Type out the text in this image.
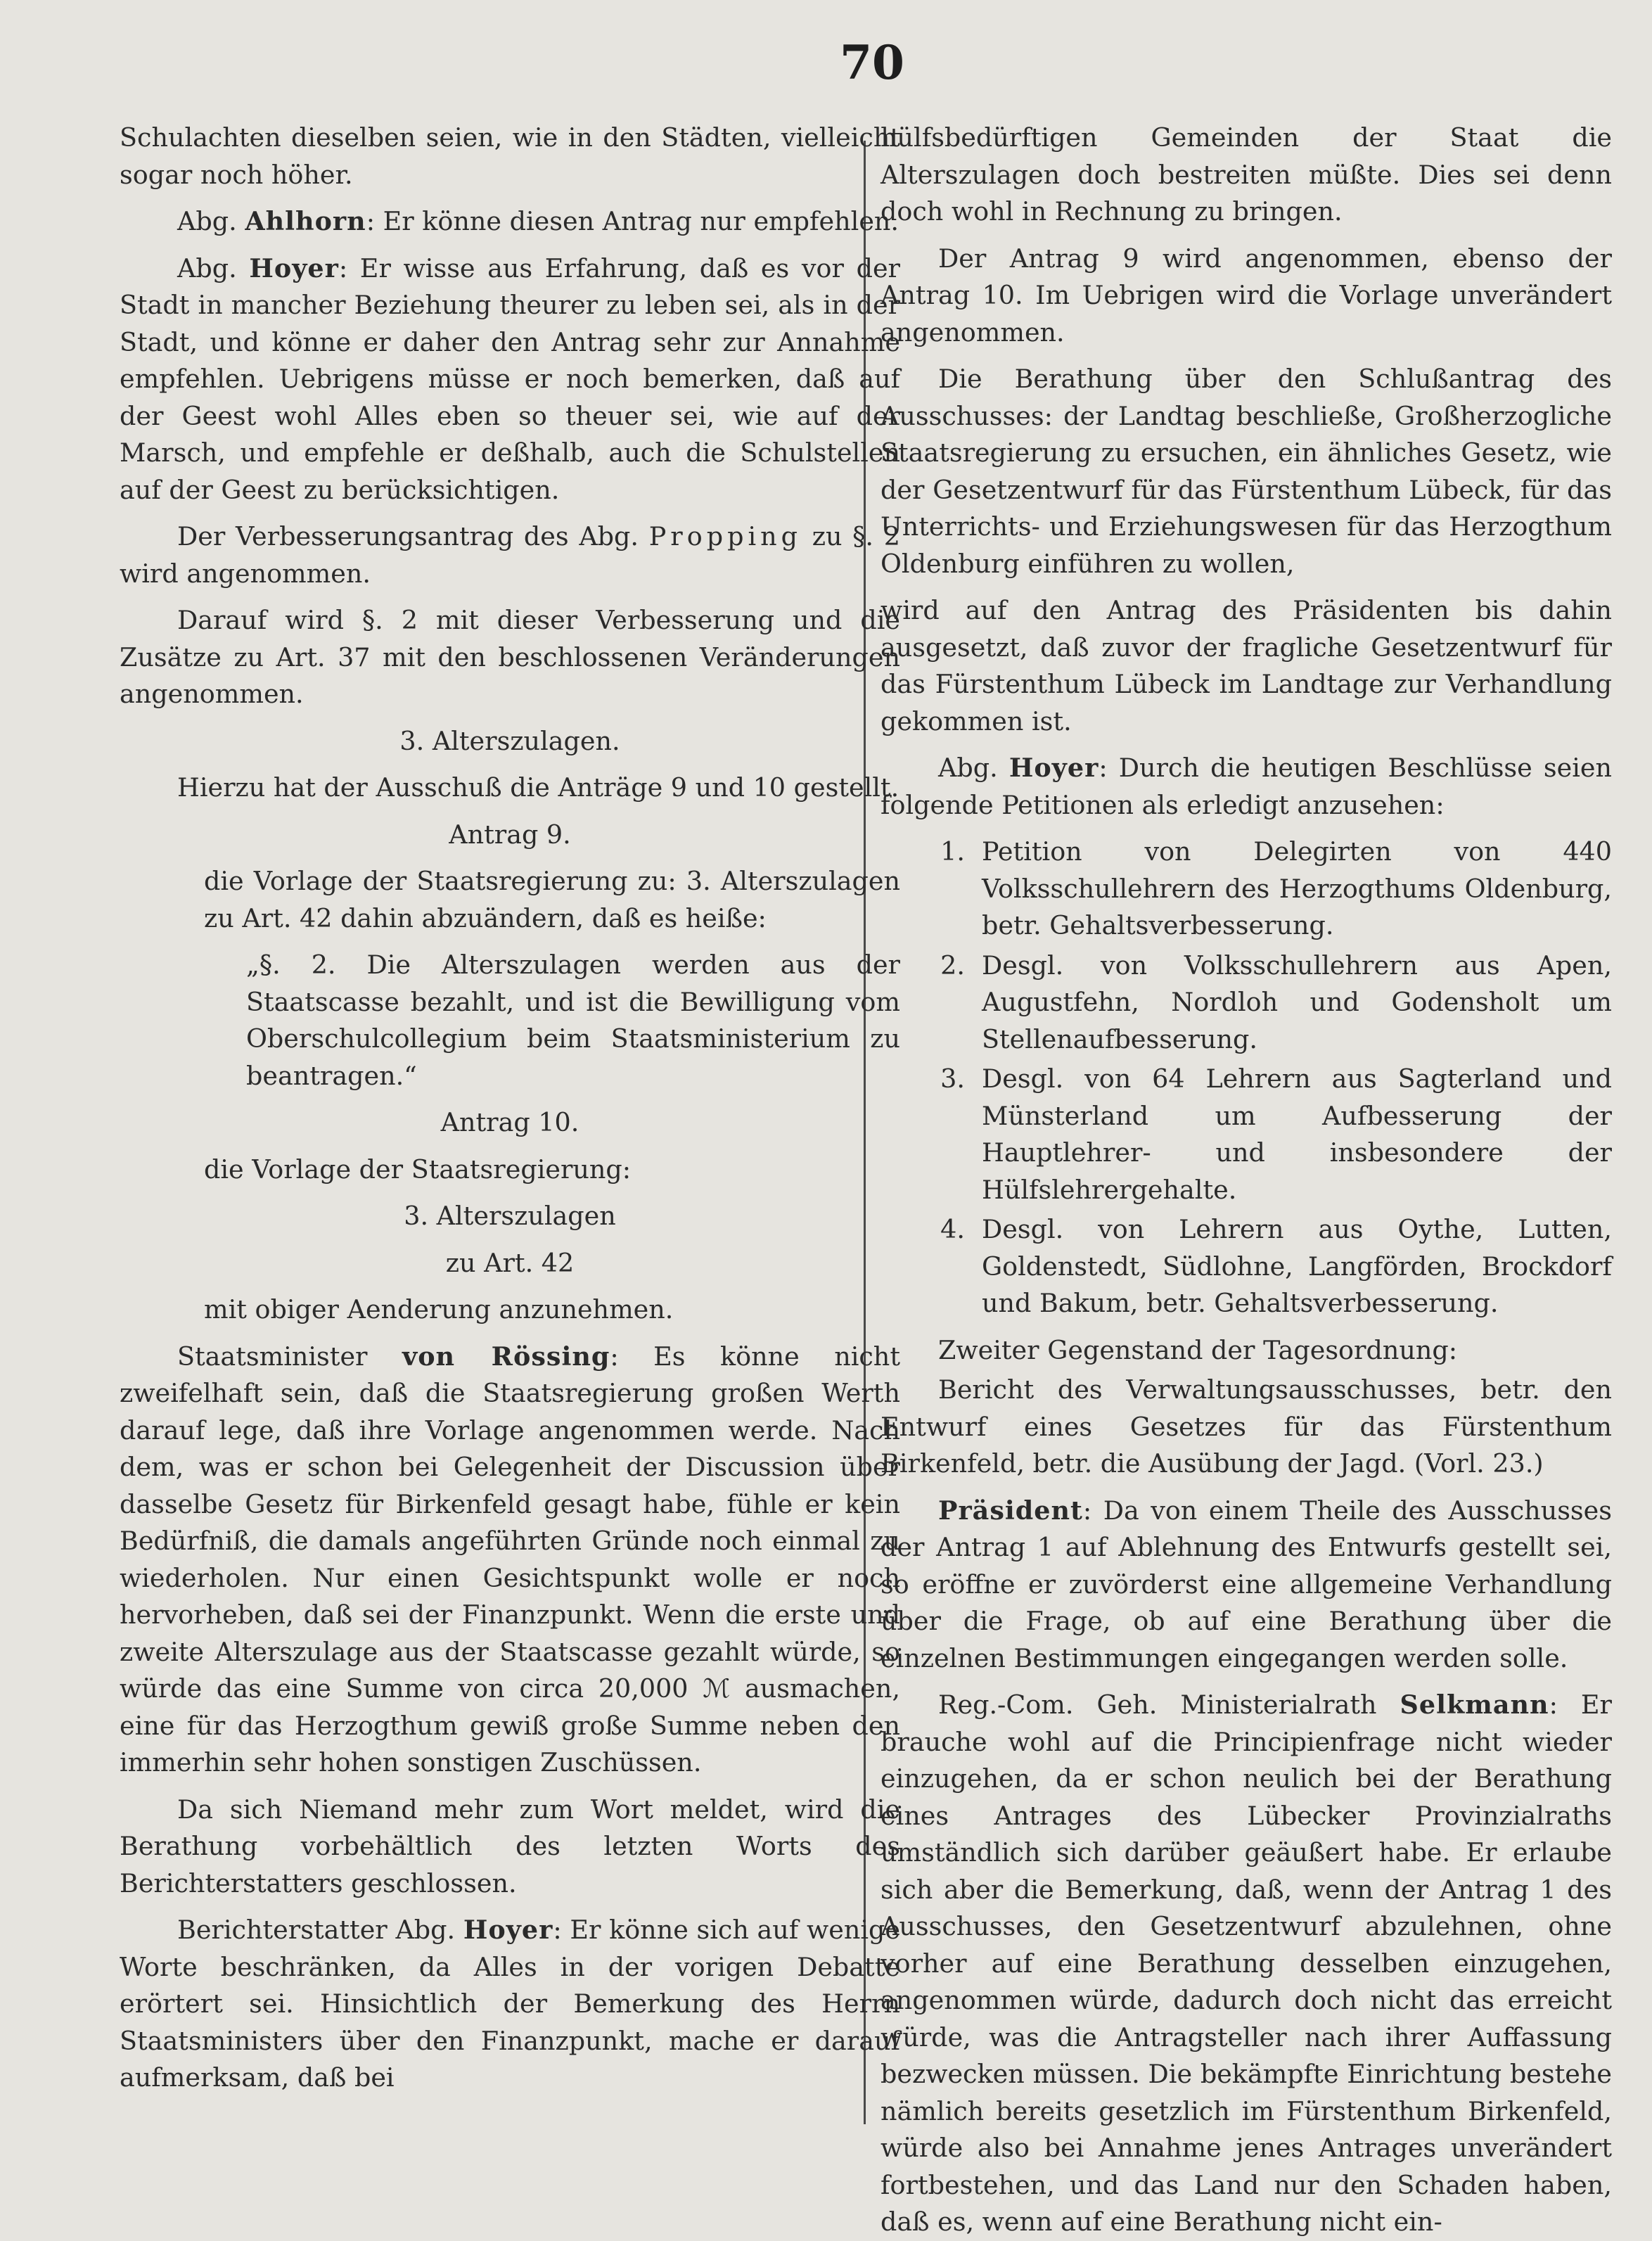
70

Schulachten dieselben seien, wie in den Städten, vielleicht sogar noch höher.

Abg. Ahlhorn: Er könne diesen Antrag nur empfehlen.

Abg. Hoyer: Er wisse aus Erfahrung, daß es vor der Stadt in mancher Beziehung theurer zu leben sei, als in der Stadt, und könne er daher den Antrag sehr zur Annahme empfehlen. Uebrigens müsse er noch bemerken, daß auf der Geest wohl Alles eben so theuer sei, wie auf der Marsch, und empfehle er deßhalb, auch die Schulstellen auf der Geest zu berücksichtigen.

Der Verbesserungsantrag des Abg. Propping zu §. 2 wird angenommen.

Darauf wird §. 2 mit dieser Verbesserung und die Zusätze zu Art. 37 mit den beschlossenen Veränderungen angenommen.

3. Alterszulagen.

Hierzu hat der Ausschuß die Anträge 9 und 10 gestellt.

Antrag 9.

die Vorlage der Staatsregierung zu: 3. Alterszulagen zu Art. 42 dahin abzuändern, daß es heiße:

„§. 2. Die Alterszulagen werden aus der Staatscasse bezahlt, und ist die Bewilligung vom Oberschulcollegium beim Staatsministerium zu beantragen.“

Antrag 10.

die Vorlage der Staatsregierung:

3. Alterszulagen

zu Art. 42

mit obiger Aenderung anzunehmen.

Staatsminister von Rössing: Es könne nicht zweifelhaft sein, daß die Staatsregierung großen Werth darauf lege, daß ihre Vorlage angenommen werde. Nach dem, was er schon bei Gelegenheit der Discussion über dasselbe Gesetz für Birkenfeld gesagt habe, fühle er kein Bedürfniß, die damals angeführten Gründe noch einmal zu wiederholen. Nur einen Gesichtspunkt wolle er noch hervorheben, daß sei der Finanzpunkt. Wenn die erste und zweite Alterszulage aus der Staatscasse gezahlt würde, so würde das eine Summe von circa 20,000 ℳ ausmachen, eine für das Herzogthum gewiß große Summe neben den immerhin sehr hohen sonstigen Zuschüssen.

Da sich Niemand mehr zum Wort meldet, wird die Berathung vorbehältlich des letzten Worts des Berichterstatters geschlossen.

Berichterstatter Abg. Hoyer: Er könne sich auf wenige Worte beschränken, da Alles in der vorigen Debatte erörtert sei. Hinsichtlich der Bemerkung des Herrn Staatsministers über den Finanzpunkt, mache er darauf aufmerksam, daß bei

hülfsbedürftigen Gemeinden der Staat die Alterszulagen doch bestreiten müßte. Dies sei denn doch wohl in Rechnung zu bringen.

Der Antrag 9 wird angenommen, ebenso der Antrag 10. Im Uebrigen wird die Vorlage unverändert angenommen.

Die Berathung über den Schlußantrag des Ausschusses: der Landtag beschließe, Großherzogliche Staatsregierung zu ersuchen, ein ähnliches Gesetz, wie der Gesetzentwurf für das Fürstenthum Lübeck, für das Unterrichts- und Erziehungswesen für das Herzogthum Oldenburg einführen zu wollen,

wird auf den Antrag des Präsidenten bis dahin ausgesetzt, daß zuvor der fragliche Gesetzentwurf für das Fürstenthum Lübeck im Landtage zur Verhandlung gekommen ist.

Abg. Hoyer: Durch die heutigen Beschlüsse seien folgende Petitionen als erledigt anzusehen:

1. Petition von Delegirten von 440 Volksschullehrern des Herzogthums Oldenburg, betr. Gehaltsverbesserung.
2. Desgl. von Volksschullehrern aus Apen, Augustfehn, Nordloh und Godensholt um Stellenaufbesserung.
3. Desgl. von 64 Lehrern aus Sagterland und Münsterland um Aufbesserung der Hauptlehrer- und insbesondere der Hülfslehrergehalte.
4. Desgl. von Lehrern aus Oythe, Lutten, Goldenstedt, Südlohne, Langförden, Brockdorf und Bakum, betr. Gehaltsverbesserung.

Zweiter Gegenstand der Tagesordnung:

Bericht des Verwaltungsausschusses, betr. den Entwurf eines Gesetzes für das Fürstenthum Birkenfeld, betr. die Ausübung der Jagd. (Vorl. 23.)

Präsident: Da von einem Theile des Ausschusses der Antrag 1 auf Ablehnung des Entwurfs gestellt sei, so eröffne er zuvörderst eine allgemeine Verhandlung über die Frage, ob auf eine Berathung über die einzelnen Bestimmungen eingegangen werden solle.

Reg.-Com. Geh. Ministerialrath Selkmann: Er brauche wohl auf die Principienfrage nicht wieder einzugehen, da er schon neulich bei der Berathung eines Antrages des Lübecker Provinzialraths umständlich sich darüber geäußert habe. Er erlaube sich aber die Bemerkung, daß, wenn der Antrag 1 des Ausschusses, den Gesetzentwurf abzulehnen, ohne vorher auf eine Berathung desselben einzugehen, angenommen würde, dadurch doch nicht das erreicht würde, was die Antragsteller nach ihrer Auffassung bezwecken müssen. Die bekämpfte Einrichtung bestehe nämlich bereits gesetzlich im Fürstenthum Birkenfeld, würde also bei Annahme jenes Antrages unverändert fortbestehen, und das Land nur den Schaden haben, daß es, wenn auf eine Berathung nicht ein-
